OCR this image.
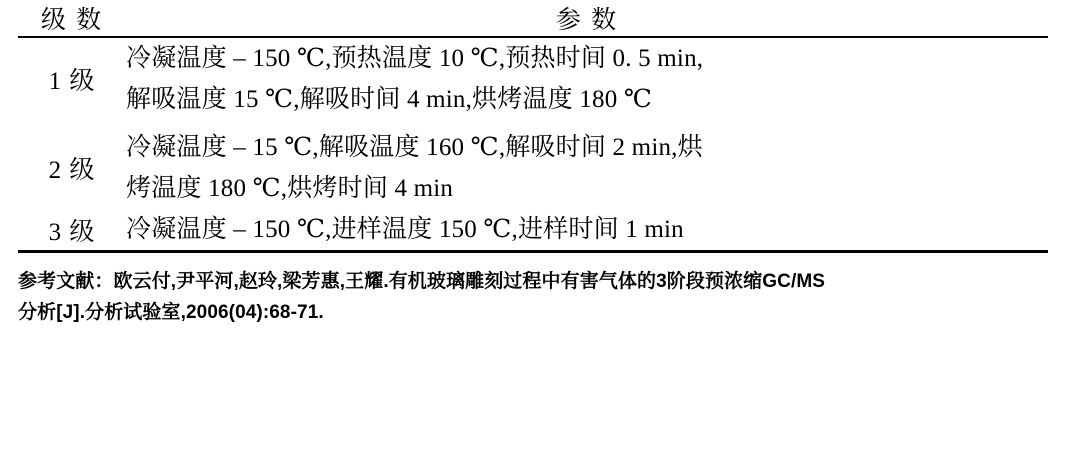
级 数	参 数
1 级	冷凝温度 – 150 ℃,预热温度 10 ℃,预热时间 0. 5 min,
解吸温度 15 ℃,解吸时间 4 min,烘烤温度 180 ℃

2 级	冷凝温度 – 15 ℃,解吸温度 160 ℃,解吸时间 2 min,烘
烤温度 180 ℃,烘烤时间 4 min

3 级	冷凝温度 – 150 ℃,进样温度 150 ℃,进样时间 1 min
参考文献：欧云付,尹平河,赵玲,梁芳惠,王耀.有机玻璃雕刻过程中有害气体的3阶段预浓缩GC/MS
分析[J].分析试验室,2006(04):68-71.
